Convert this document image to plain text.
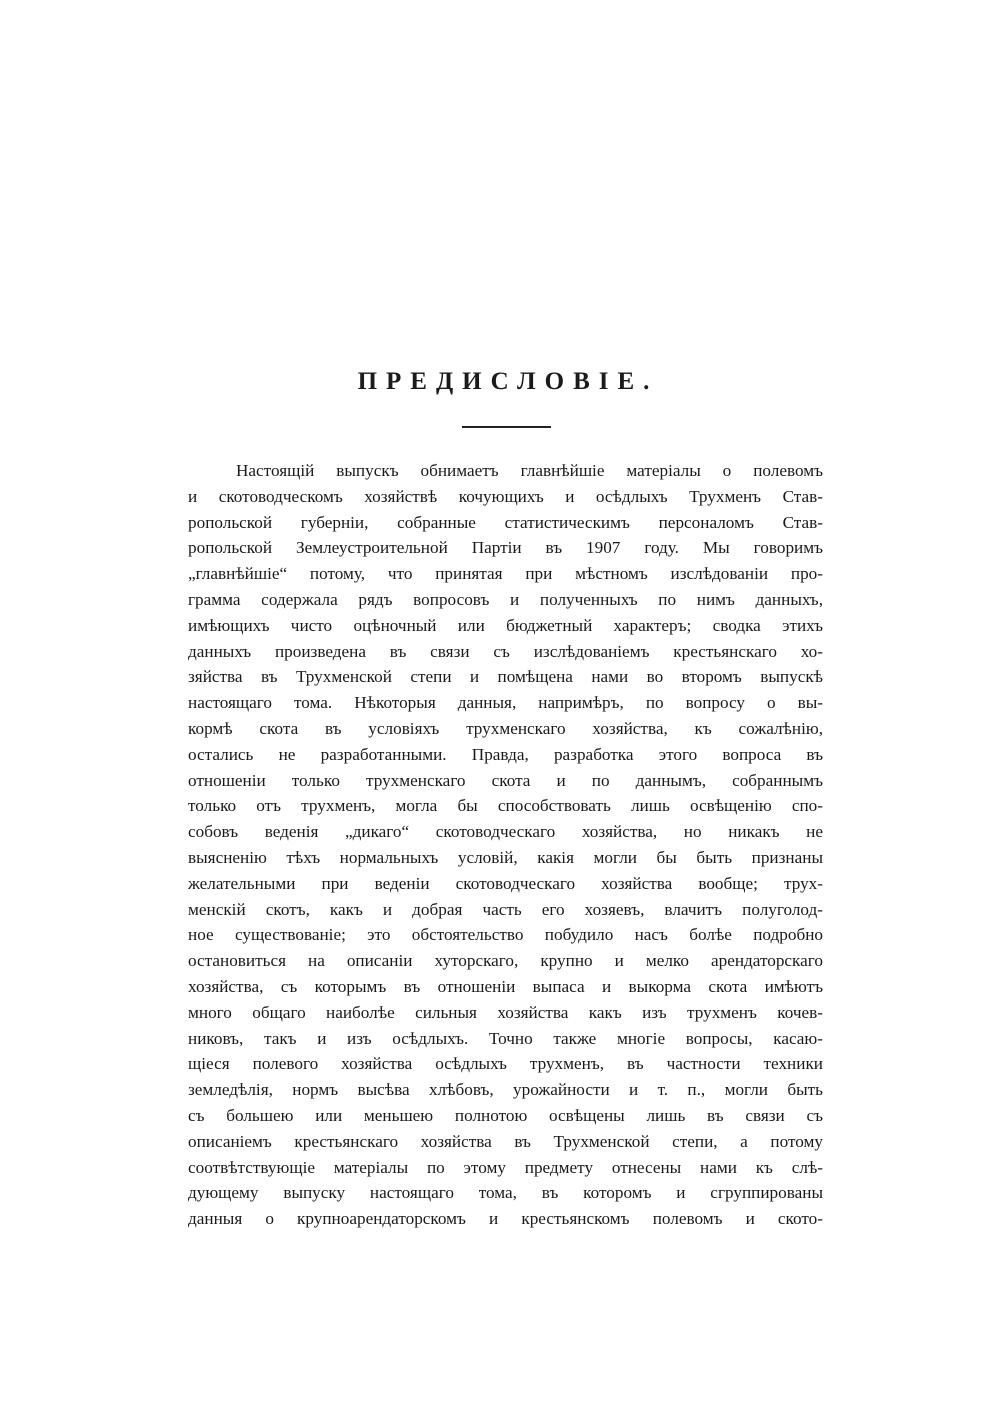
ПРЕДИСЛОВІЕ.
Настоящій выпускъ обнимаетъ главнѣйшіе матеріалы о полевомъ
и скотоводческомъ хозяйствѣ кочующихъ и осѣдлыхъ Трухменъ Став-
ропольской губерніи, собранные статистическимъ персоналомъ Став-
ропольской Землеустроительной Партіи въ 1907 году. Мы говоримъ
„главнѣйшіе“ потому, что принятая при мѣстномъ изслѣдованіи про-
грамма содержала рядъ вопросовъ и полученныхъ по нимъ данныхъ,
имѣющихъ чисто оцѣночный или бюджетный характеръ; сводка этихъ
данныхъ произведена въ связи съ изслѣдованіемъ крестьянскаго хо-
зяйства въ Трухменской степи и помѣщена нами во второмъ выпускѣ
настоящаго тома. Нѣкоторыя данныя, напримѣръ, по вопросу о вы-
кормѣ скота въ условіяхъ трухменскаго хозяйства, къ сожалѣнію,
остались не разработанными. Правда, разработка этого вопроса въ
отношеніи только трухменскаго скота и по даннымъ, собраннымъ
только отъ трухменъ, могла бы способствовать лишь освѣщенію спо-
собовъ веденія „дикаго“ скотоводческаго хозяйства, но никакъ не
выясненію тѣхъ нормальныхъ условій, какія могли бы быть признаны
желательными при веденіи скотоводческаго хозяйства вообще; трух-
менскій скотъ, какъ и добрая часть его хозяевъ, влачитъ полуголод-
ное существованіе; это обстоятельство побудило насъ болѣе подробно
остановиться на описаніи хуторскаго, крупно и мелко арендаторскаго
хозяйства, съ которымъ въ отношеніи выпаса и выкорма скота имѣютъ
много общаго наиболѣе сильныя хозяйства какъ изъ трухменъ кочев-
никовъ, такъ и изъ осѣдлыхъ. Точно также многіе вопросы, касаю-
щіеся полевого хозяйства осѣдлыхъ трухменъ, въ частности техники
земледѣлія, нормъ высѣва хлѣбовъ, урожайности и т. п., могли быть
съ большею или меньшею полнотою освѣщены лишь въ связи съ
описаніемъ крестьянскаго хозяйства въ Трухменской степи, а потому
соотвѣтствующіе матеріалы по этому предмету отнесены нами къ слѣ-
дующему выпуску настоящаго тома, въ которомъ и сгруппированы
данныя о крупноарендаторскомъ и крестьянскомъ полевомъ и ското-
